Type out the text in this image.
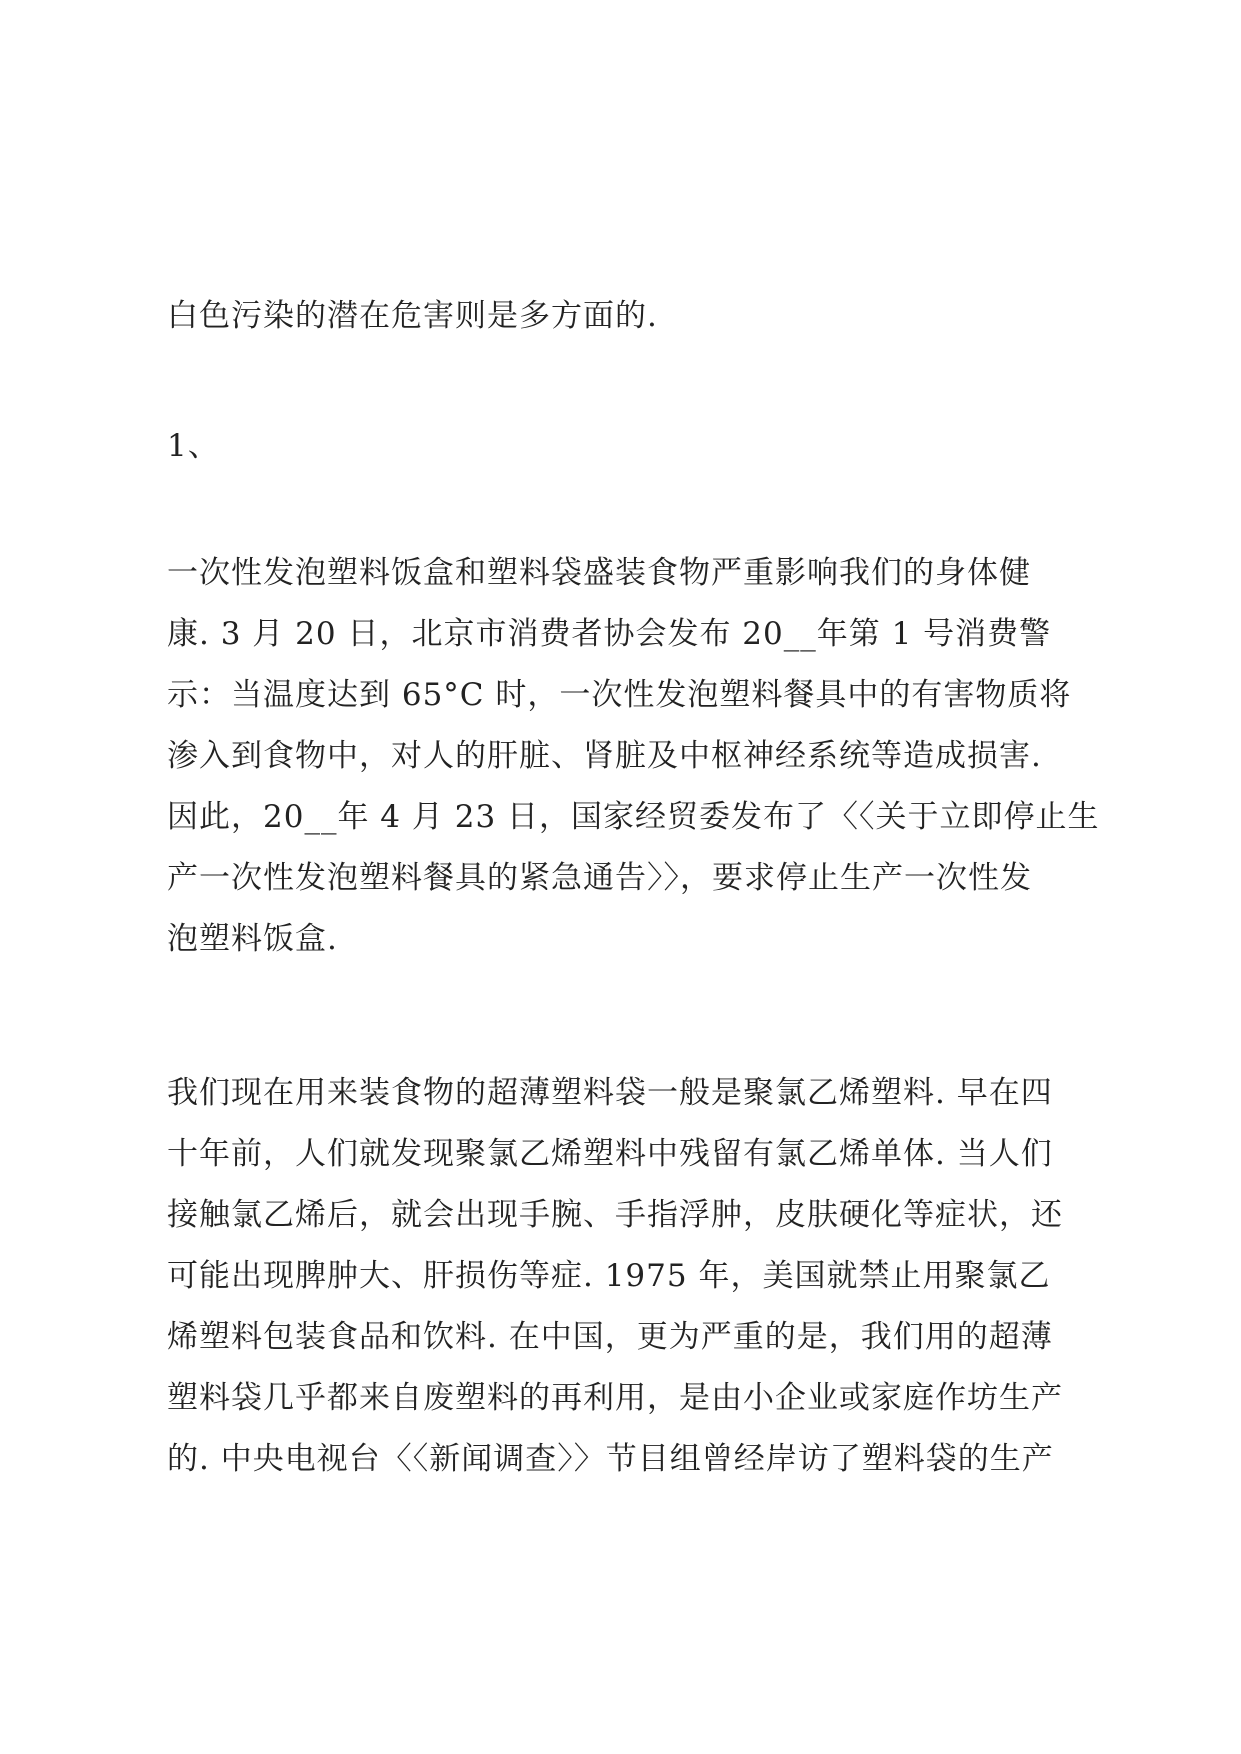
白色污染的潜在危害则是多方面的.

1、

一次性发泡塑料饭盒和塑料袋盛装食物严重影响我们的身体健
康. 3 月 20 日，北京市消费者协会发布 20__年第 1 号消费警
示：当温度达到 65°C 时，一次性发泡塑料餐具中的有害物质将
渗入到食物中，对人的肝脏、肾脏及中枢神经系统等造成损害.
因此，20__年 4 月 23 日，国家经贸委发布了〈〈关于立即停止生
产一次性发泡塑料餐具的紧急通告〉〉，要求停止生产一次性发
泡塑料饭盒.

我们现在用来装食物的超薄塑料袋一般是聚氯乙烯塑料. 早在四
十年前，人们就发现聚氯乙烯塑料中残留有氯乙烯单体. 当人们
接触氯乙烯后，就会出现手腕、手指浮肿，皮肤硬化等症状，还
可能出现脾肿大、肝损伤等症. 1975 年，美国就禁止用聚氯乙
烯塑料包装食品和饮料. 在中国，更为严重的是，我们用的超薄
塑料袋几乎都来自废塑料的再利用，是由小企业或家庭作坊生产
的. 中央电视台〈〈新闻调查〉〉节目组曾经岸访了塑料袋的生产
